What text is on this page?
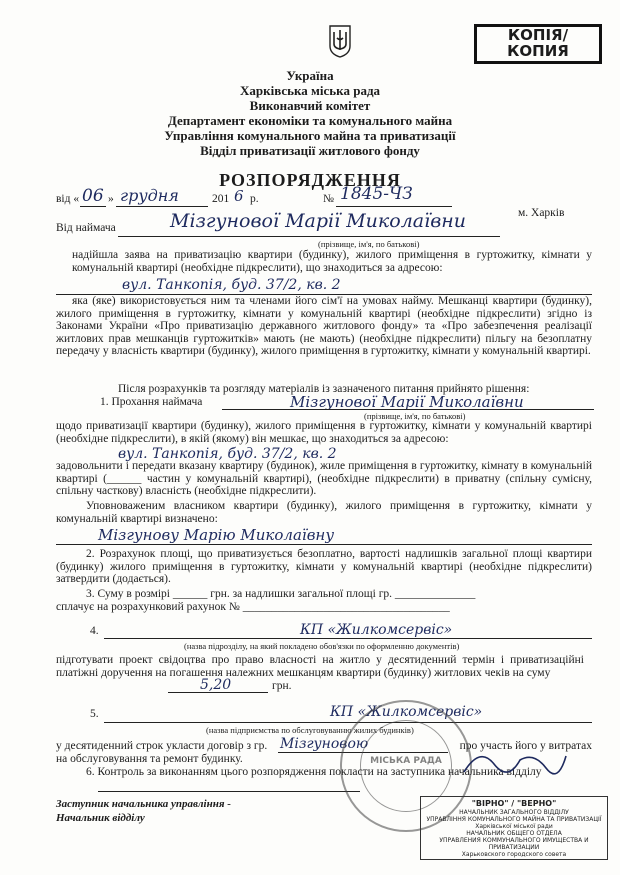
КОПІЯ/
КОПИЯ
Україна
Харківська міська рада
Виконавчий комітет
Департамент економіки та комунального майна
Управління комунального майна та приватизації
Відділ приватизації житлового фонду
РОЗПОРЯДЖЕННЯ
від « 06 » грудня	201 6 р.	№ 1845-ЧЗ
м. Харків
Від наймача	Мізгунової Марії Миколаївни
(прізвище, ім'я, по батькові)
надійшла заява на приватизацію квартири (будинку), жилого приміщення в гуртожитку, кімнати у комунальній квартирі (необхідне підкреслити), що знаходиться за адресою:
вул. Танкопія, буд. 37/2, кв. 2
яка (яке) використовується ним та членами його сім'ї на умовах найму. Мешканці квартири (будинку), жилого приміщення в гуртожитку, кімнати у комунальній квартирі (необхідне підкреслити) згідно із Законами України «Про приватизацію державного житлового фонду» та «Про забезпечення реалізації житлових прав мешканців гуртожитків» мають (не мають) (необхідне підкреслити) пільгу на безоплатну передачу у власність квартири (будинку), жилого приміщення в гуртожитку, кімнати у комунальній квартирі.
Після розрахунків та розгляду матеріалів із зазначеного питання прийнято рішення:
1. Прохання наймача	Мізгунової Марії Миколаївни
(прізвище, ім'я, по батькові)
щодо приватизації квартири (будинку), жилого приміщення в гуртожитку, кімнати у комунальній квартирі (необхідне підкреслити), в якій (якому) він мешкає, що знаходиться за адресою:
вул. Танкопія, буд. 37/2, кв. 2
задовольнити і передати вказану квартиру (будинок), жиле приміщення в гуртожитку, кімнату в комунальній квартирі (______ частин у комунальній квартирі), (необхідне підкреслити) в приватну (спільну сумісну, спільну часткову) власність (необхідне підкреслити).
Уповноваженим власником квартири (будинку), жилого приміщення в гуртожитку, кімнати у комунальній квартирі визначено:
Мізгунову Марію Миколаївну
2. Розрахунок площі, що приватизується безоплатно, вартості надлишків загальної площі квартири (будинку) жилого приміщення в гуртожитку, кімнати у комунальній квартирі (необхідне підкреслити) затвердити (додається).
3. Суму в розмірі ______ грн. за надлишки загальної площі гр. ______________
сплачує на розрахунковий рахунок № ____________________________________
4.	КП «Жилкомсервіс»
(назва підрозділу, на який покладено обов'язки по оформленню документів)
підготувати проект свідоцтва про право власності на житло у десятиденний термін і приватизаційні платіжні доручення на погашення належних мешканцям квартири (будинку) житлових чеків на суму
5,20	грн.
5.	КП «Жилкомсервіс»
(назва підприємства по обслуговуванню жилих будинків)
у десятиденний строк укласти договір з гр. Мізгуновою	про участь його у витратах
на обслуговування та ремонт будинку.
6. Контроль за виконанням цього розпорядження покласти на заступника начальника відділу
Заступник начальника управління -
Начальник відділу
МІСЬКА РАДА
"ВІРНО" / "ВЕРНО"
НАЧАЛЬНИК ЗАГАЛЬНОГО ВІДДІЛУ
УПРАВЛІННЯ КОМУНАЛЬНОГО МАЙНА ТА ПРИВАТИЗАЦІЇ
Харківської міської ради
НАЧАЛЬНИК ОБЩЕГО ОТДЕЛА
УПРАВЛЕНИЯ КОММУНАЛЬНОГО ИМУЩЕСТВА И ПРИВАТИЗАЦИИ
Харьковского городского совета
